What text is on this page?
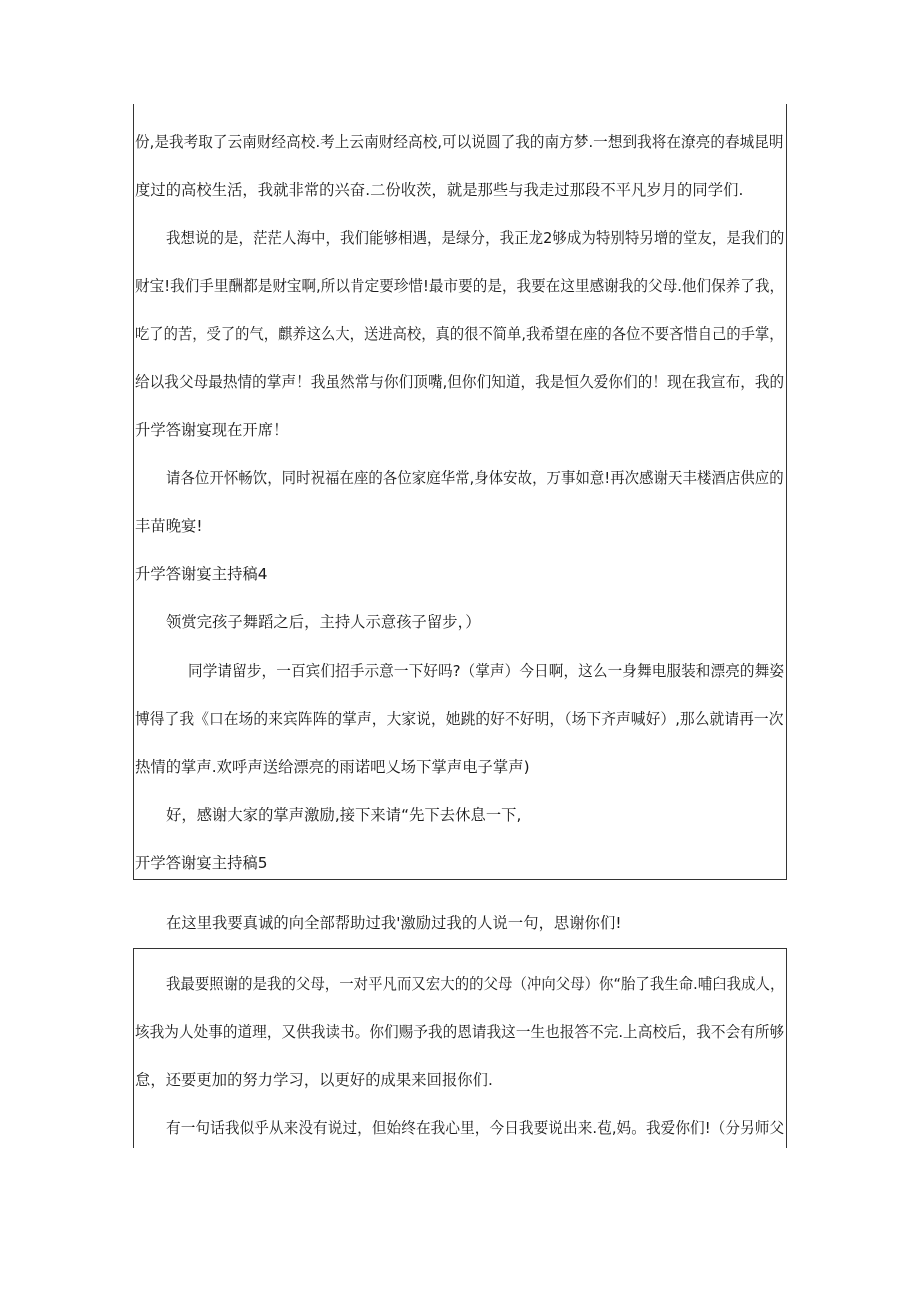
份,是我考取了云南财经高校.考上云南财经高校,可以说圆了我的南方梦.一想到我将在潦亮的春城昆明
度过的高校生活，我就非常的兴奋.二份收茨，就是那些与我走过那段不平凡岁月的同学们.
我想说的是，茫茫人海中，我们能够相遇，是绿分，我正龙2够成为特别特另增的堂友，是我们的
财宝!我们手里酬都是财宝啊,所以肯定要珍惜!最市要的是，我要在这里感谢我的父母.他们保养了我，
吃了的苦，受了的气，麒养这么大，送进高校，真的很不简单,我希望在座的各位不要吝惜自己的手掌，
给以我父母最热情的掌声！我虽然常与你们顶嘴,但你们知道，我是恒久爱你们的！现在我宣布，我的
升学答谢宴现在开席！
请各位开怀畅饮，同时祝福在座的各位家庭华常,身体安故，万事如意!再次感谢天丰楼酒店供应的
丰苗晚宴!
升学答谢宴主持稿4
领赏完孩子舞蹈之后，主持人示意孩子留步，）
同学请留步，一百宾们招手示意一下好吗?（掌声）今日啊，这么一身舞电服装和漂亮的舞姿
博得了我《口在场的来宾阵阵的掌声，大家说，她跳的好不好明，（场下齐声喊好）,那么就请再一次
热情的掌声.欢呼声送给漂亮的雨诺吧乂场下掌声电子掌声)
好，感谢大家的掌声激励,接下来请“先下去休息一下,
开学答谢宴主持稿5
在这里我要真诚的向全部帮助过我'激励过我的人说一句，思谢你们!
我最要照谢的是我的父母，一对平凡而又宏大的的父母（冲向父母）你“胎了我生命.哺臼我成人，
垓我为人处事的道理，又供我读书。你们赐予我的恩请我这一生也报答不完.上高校后，我不会有所够
怠，还要更加的努力学习，以更好的成果来回报你们.
有一句话我似乎从来没有说过，但始终在我心里，今日我要说出来.苞,妈。我爱你们!（分另师父
